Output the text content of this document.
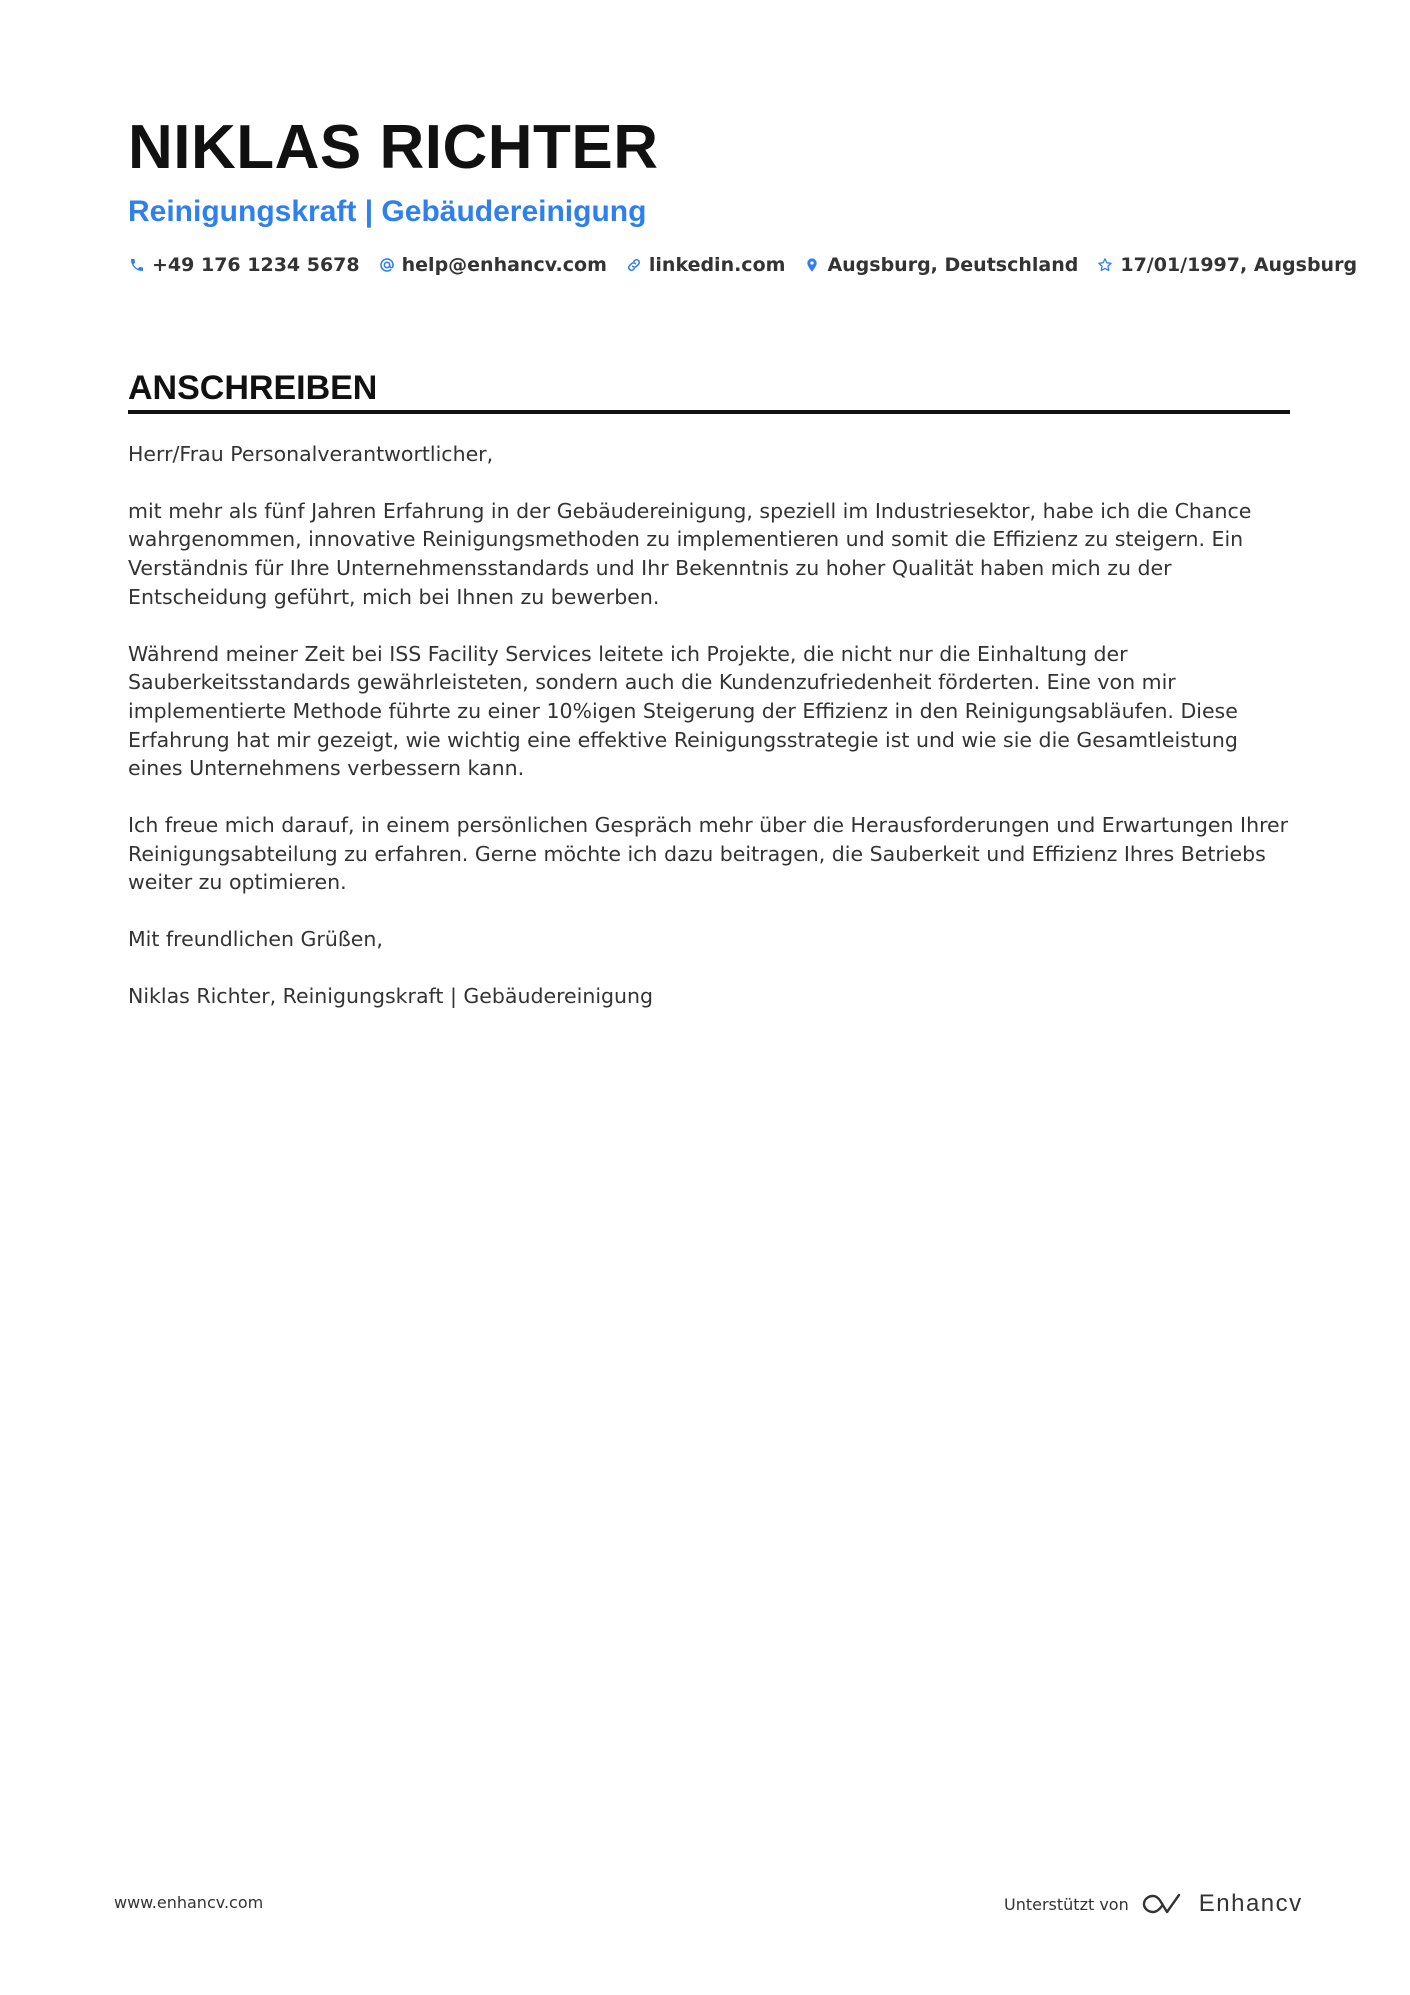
NIKLAS RICHTER
Reinigungskraft | Gebäudereinigung
+49 176 1234 5678 help@enhancv.com linkedin.com Augsburg, Deutschland 17/01/1997, Augsburg
ANSCHREIBEN

Herr/Frau Personalverantwortlicher,

mit mehr als fünf Jahren Erfahrung in der Gebäudereinigung, speziell im Industriesektor, habe ich die Chance wahrgenommen, innovative Reinigungsmethoden zu implementieren und somit die Effizienz zu steigern. Ein Verständnis für Ihre Unternehmensstandards und Ihr Bekenntnis zu hoher Qualität haben mich zu der Entscheidung geführt, mich bei Ihnen zu bewerben.

Während meiner Zeit bei ISS Facility Services leitete ich Projekte, die nicht nur die Einhaltung der Sauberkeitsstandards gewährleisteten, sondern auch die Kundenzufriedenheit förderten. Eine von mir implementierte Methode führte zu einer 10%igen Steigerung der Effizienz in den Reinigungsabläufen. Diese Erfahrung hat mir gezeigt, wie wichtig eine effektive Reinigungsstrategie ist und wie sie die Gesamtleistung eines Unternehmens verbessern kann.

Ich freue mich darauf, in einem persönlichen Gespräch mehr über die Herausforderungen und Erwartungen Ihrer Reinigungsabteilung zu erfahren. Gerne möchte ich dazu beitragen, die Sauberkeit und Effizienz Ihres Betriebs weiter zu optimieren.

Mit freundlichen Grüßen,

Niklas Richter, Reinigungskraft | Gebäudereinigung

www.enhancv.com	Unterstützt von	Enhancv
